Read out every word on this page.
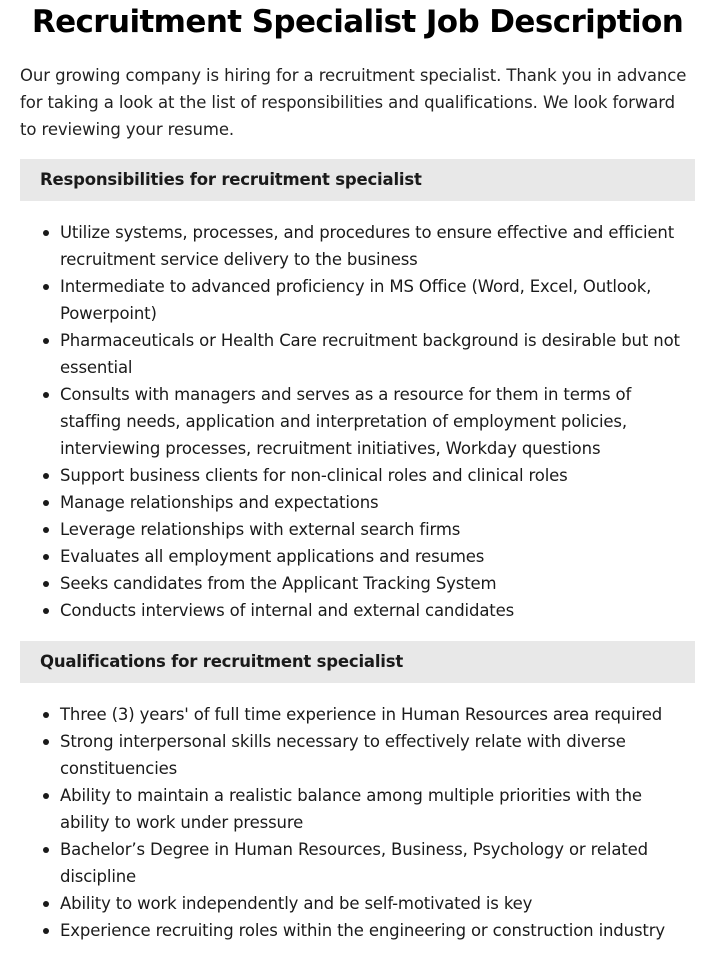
Recruitment Specialist Job Description

Our growing company is hiring for a recruitment specialist. Thank you in advance for taking a look at the list of responsibilities and qualifications. We look forward to reviewing your resume.

Responsibilities for recruitment specialist
Utilize systems, processes, and procedures to ensure effective and efficient recruitment service delivery to the business
Intermediate to advanced proficiency in MS Office (Word, Excel, Outlook, Powerpoint)
Pharmaceuticals or Health Care recruitment background is desirable but not essential
Consults with managers and serves as a resource for them in terms of staffing needs, application and interpretation of employment policies, interviewing processes, recruitment initiatives, Workday questions
Support business clients for non-clinical roles and clinical roles
Manage relationships and expectations
Leverage relationships with external search firms
Evaluates all employment applications and resumes
Seeks candidates from the Applicant Tracking System
Conducts interviews of internal and external candidates
Qualifications for recruitment specialist
Three (3) years' of full time experience in Human Resources area required
Strong interpersonal skills necessary to effectively relate with diverse constituencies
Ability to maintain a realistic balance among multiple priorities with the ability to work under pressure
Bachelor’s Degree in Human Resources, Business, Psychology or related discipline
Ability to work independently and be self-motivated is key
Experience recruiting roles within the engineering or construction industry
